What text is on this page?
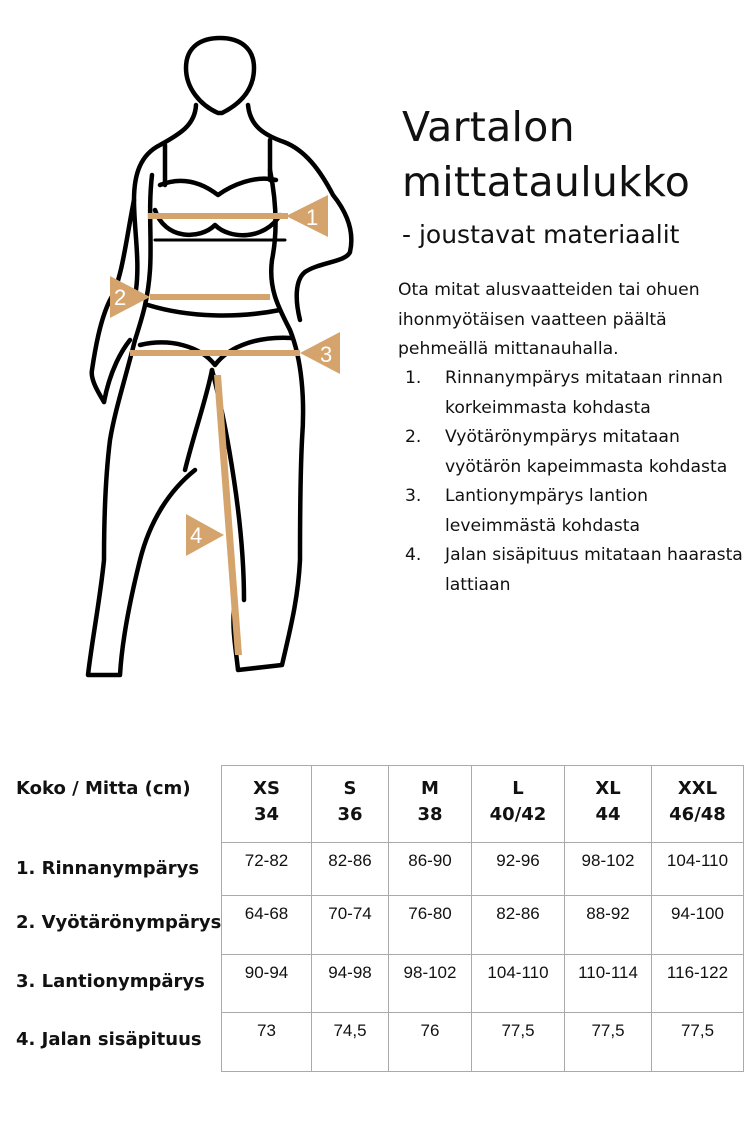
1
2
3
4
Vartalon
mittataulukko
- joustavat materiaalit
Ota mitat alusvaatteiden tai ohuen ihonmyötäisen vaatteen päältä pehmeällä mittanauhalla.
1.	Rinnanympärys mitataan rinnan korkeimmasta kohdasta
2.	Vyötärönympärys mitataan vyötärön kapeimmasta kohdasta
3.	Lantionympärys lantion leveimmästä kohdasta
4.	Jalan sisäpituus mitataan haarasta lattiaan
Koko / Mitta (cm)
1. Rinnanympärys
2. Vyötärönympärys
3. Lantionympärys
4. Jalan sisäpituus
XS
34

S
36

M
38

L
40/42

XL
44

XXL
46/48

72-82	82-86	86-90	92-96	98-102	104-110
64-68	70-74	76-80	82-86	88-92	94-100
90-94	94-98	98-102	104-110	110-114	116-122
73	74,5	76	77,5	77,5	77,5
